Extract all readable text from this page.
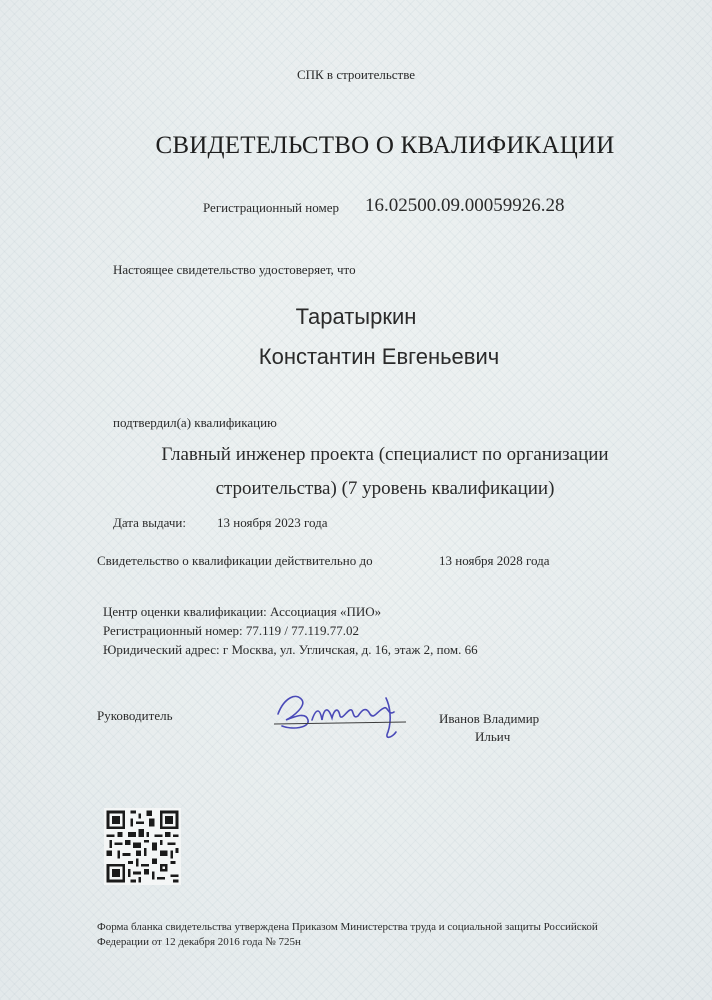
СПК в строительстве
СВИДЕТЕЛЬСТВО О КВАЛИФИКАЦИИ
Регистрационный номер 16.02500.09.00059926.28
Настоящее свидетельство удостоверяет, что
Таратыркин
Константин Евгеньевич
подтвердил(а) квалификацию
Главный инженер проекта (специалист по организации
строительства) (7 уровень квалификации)
Дата выдачи: 13 ноября 2023 года
Свидетельство о квалификации действительно до	13 ноября 2028 года
Центр оценки квалификации: Ассоциация «ПИО»
Регистрационный номер: 77.119 / 77.119.77.02
Юридический адрес: г Москва, ул. Угличская, д. 16, этаж 2, пом. 66
Руководитель	Иванов Владимир
Ильич
Форма бланка свидетельства утверждена Приказом Министерства труда и социальной защиты Российской
Федерации от 12 декабря 2016 года № 725н
